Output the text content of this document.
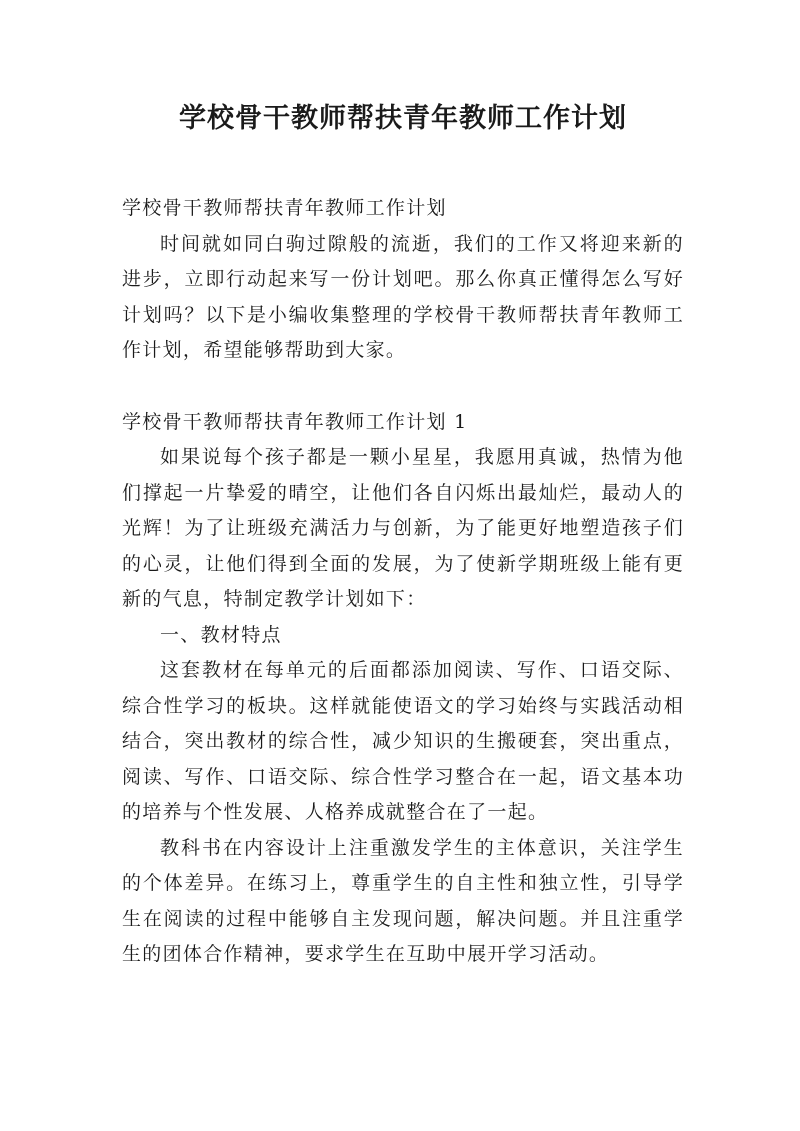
学校骨干教师帮扶青年教师工作计划

学校骨干教师帮扶青年教师工作计划

时间就如同白驹过隙般的流逝，我们的工作又将迎来新的进步，立即行动起来写一份计划吧。那么你真正懂得怎么写好计划吗？以下是小编收集整理的学校骨干教师帮扶青年教师工作计划，希望能够帮助到大家。

学校骨干教师帮扶青年教师工作计划 1

如果说每个孩子都是一颗小星星，我愿用真诚，热情为他们撑起一片挚爱的晴空，让他们各自闪烁出最灿烂，最动人的光辉！为了让班级充满活力与创新，为了能更好地塑造孩子们的心灵，让他们得到全面的发展，为了使新学期班级上能有更新的气息，特制定教学计划如下：

一、教材特点

这套教材在每单元的后面都添加阅读、写作、口语交际、综合性学习的板块。这样就能使语文的学习始终与实践活动相结合，突出教材的综合性，减少知识的生搬硬套，突出重点，阅读、写作、口语交际、综合性学习整合在一起，语文基本功的培养与个性发展、人格养成就整合在了一起。

教科书在内容设计上注重激发学生的主体意识，关注学生的个体差异。在练习上，尊重学生的自主性和独立性，引导学生在阅读的过程中能够自主发现问题，解决问题。并且注重学生的团体合作精神，要求学生在互助中展开学习活动。
